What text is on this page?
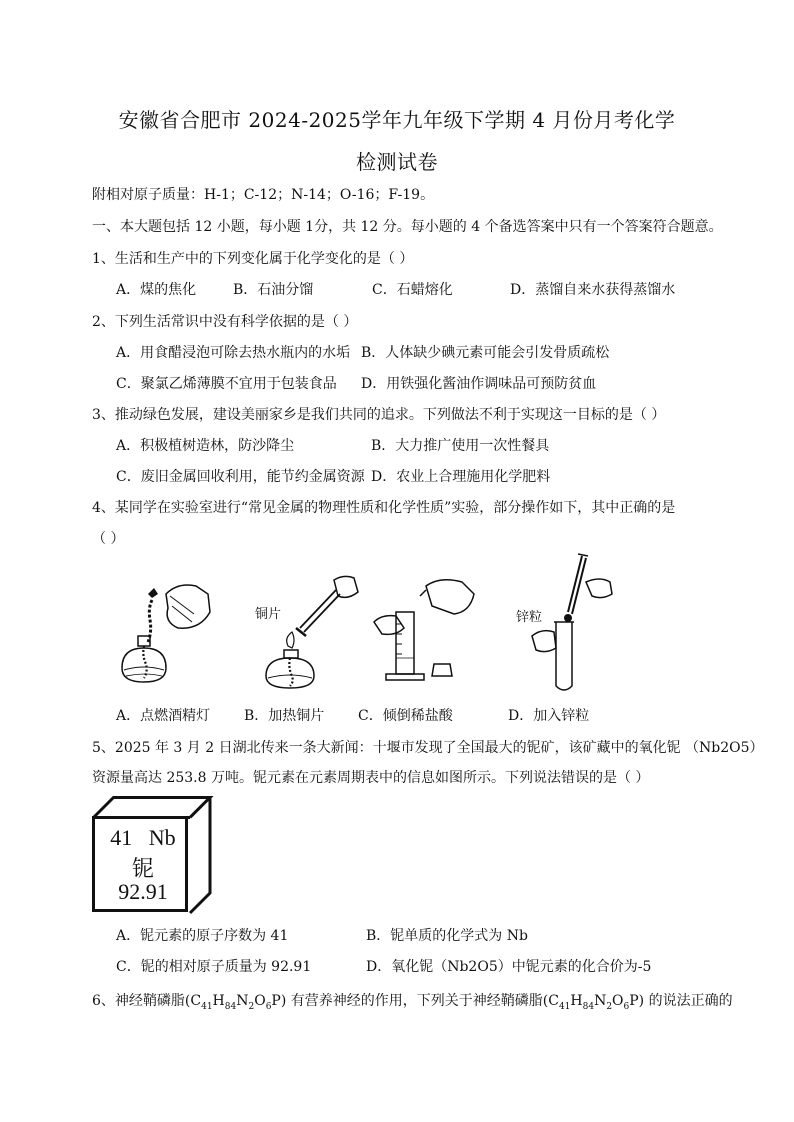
安徽省合肥市 2024-2025学年九年级下学期 4 月份月考化学
检测试卷
附相对原子质量：H-1；C-12；N-14；O-16；F-19。
一、本大题包括 12 小题，每小题 1分，共 12 分。每小题的 4 个备选答案中只有一个答案符合题意。
1、生活和生产中的下列变化属于化学变化的是（ ）
A．煤的焦化	B．石油分馏	C．石蜡熔化	D．蒸馏自来水获得蒸馏水
2、下列生活常识中没有科学依据的是（ ）
A．用食醋浸泡可除去热水瓶内的水垢 B．人体缺少碘元素可能会引发骨质疏松
C．聚氯乙烯薄膜不宜用于包装食品 D．用铁强化酱油作调味品可预防贫血
3、推动绿色发展，建设美丽家乡是我们共同的追求。下列做法不利于实现这一目标的是（ ）
A．积极植树造林，防沙降尘	B．大力推广使用一次性餐具
C．废旧金属回收利用，能节约金属资源 D．农业上合理施用化学肥料
4、某同学在实验室进行“常见金属的物理性质和化学性质”实验，部分操作如下，其中正确的是
（ ）
铜片	锌粒
A．点燃酒精灯 B．加热铜片 C．倾倒稀盐酸	D．加入锌粒
5、2025 年 3 月 2 日湖北传来一条大新闻：十堰市发现了全国最大的铌矿，该矿藏中的氧化铌 （Nb2O5）
资源量高达 253.8 万吨。铌元素在元素周期表中的信息如图所示。下列说法错误的是（ ）
41 Nb
铌
92.91
A．铌元素的原子序数为 41	B．铌单质的化学式为 Nb
C．铌的相对原子质量为 92.91	D．氧化铌（Nb2O5）中铌元素的化合价为-5
6、神经鞘磷脂$(C_{41}H_{84}N_2O_6P)$ 有营养神经的作用，下列关于神经鞘磷脂$(C_{41}H_{84}N_2O_6P)$ 的说法正确的
